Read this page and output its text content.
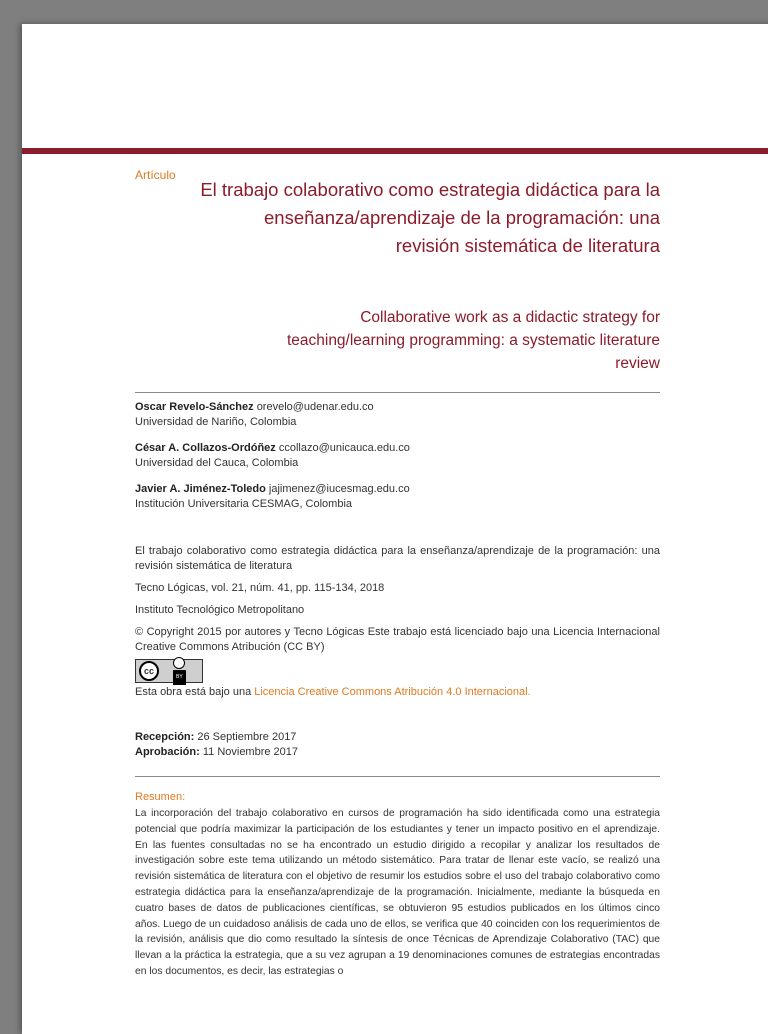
Artículo
El trabajo colaborativo como estrategia didáctica para la enseñanza/aprendizaje de la programación: una revisión sistemática de literatura
Collaborative work as a didactic strategy for teaching/learning programming: a systematic literature review
Oscar Revelo-Sánchez orevelo@udenar.edu.co
Universidad de Nariño, Colombia
César A. Collazos-Ordóñez ccollazo@unicauca.edu.co
Universidad del Cauca, Colombia
Javier A. Jiménez-Toledo jajimenez@iucesmag.edu.co
Institución Universitaria CESMAG, Colombia

El trabajo colaborativo como estrategia didáctica para la enseñanza/aprendizaje de la programación: una revisión sistemática de literatura

Tecno Lógicas, vol. 21, núm. 41, pp. 115-134, 2018

Instituto Tecnológico Metropolitano

© Copyright 2015 por autores y Tecno Lógicas Este trabajo está licenciado bajo una Licencia Internacional Creative Commons Atribución (CC BY)

cc
BY

Esta obra está bajo una Licencia Creative Commons Atribución 4.0 Internacional.

Recepción: 26 Septiembre 2017
Aprobación: 11 Noviembre 2017
Resumen:
La incorporación del trabajo colaborativo en cursos de programación ha sido identificada como una estrategia potencial que podría maximizar la participación de los estudiantes y tener un impacto positivo en el aprendizaje. En las fuentes consultadas no se ha encontrado un estudio dirigido a recopilar y analizar los resultados de investigación sobre este tema utilizando un método sistemático. Para tratar de llenar este vacío, se realizó una revisión sistemática de literatura con el objetivo de resumir los estudios sobre el uso del trabajo colaborativo como estrategia didáctica para la enseñanza/aprendizaje de la programación. Inicialmente, mediante la búsqueda en cuatro bases de datos de publicaciones científicas, se obtuvieron 95 estudios publicados en los últimos cinco años. Luego de un cuidadoso análisis de cada uno de ellos, se verifica que 40 coinciden con los requerimientos de la revisión, análisis que dio como resultado la síntesis de once Técnicas de Aprendizaje Colaborativo (TAC) que llevan a la práctica la estrategia, que a su vez agrupan a 19 denominaciones comunes de estrategias encontradas en los documentos, es decir, las estrategias o
